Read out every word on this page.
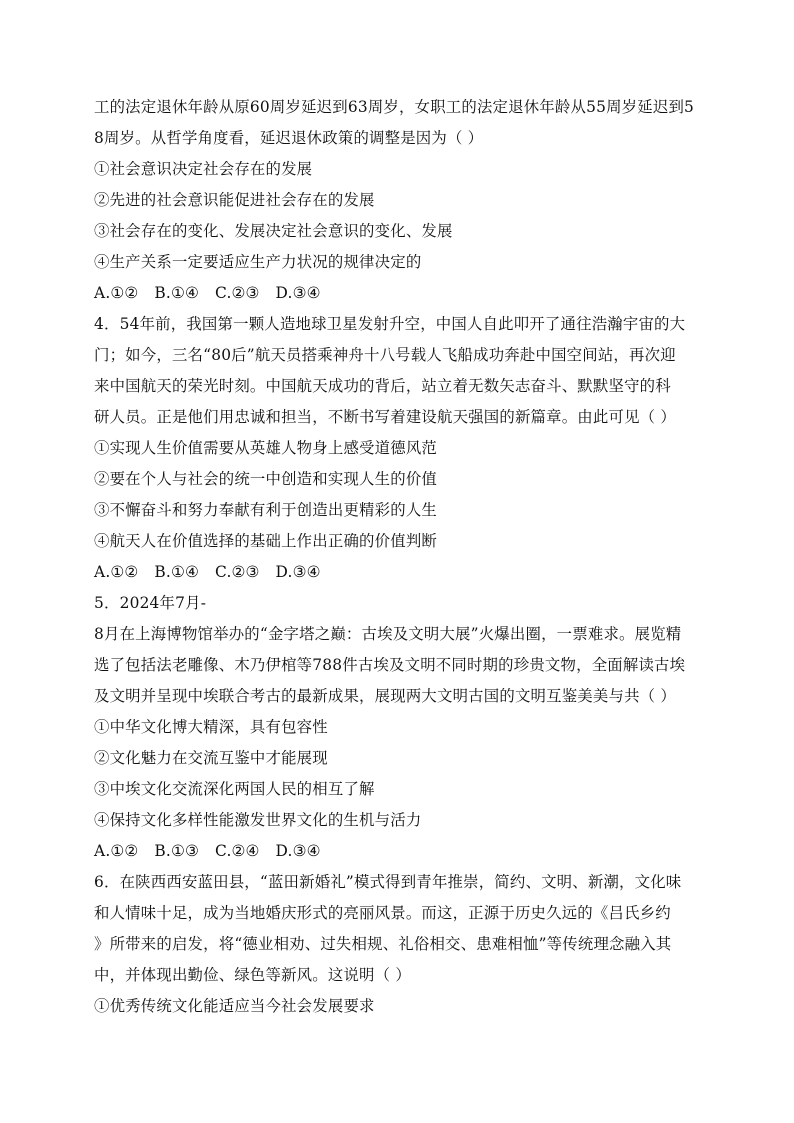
工的法定退休年龄从原60周岁延迟到63周岁，女职工的法定退休年龄从55周岁延迟到5

8周岁。从哲学角度看，延迟退休政策的调整是因为（ ）

①社会意识决定社会存在的发展

②先进的社会意识能促进社会存在的发展

③社会存在的变化、发展决定社会意识的变化、发展

④生产关系一定要适应生产力状况的规律决定的

A.①② B.①④ C.②③ D.③④

4．54年前，我国第一颗人造地球卫星发射升空，中国人自此叩开了通往浩瀚宇宙的大

门；如今，三名“80后”航天员搭乘神舟十八号载人飞船成功奔赴中国空间站，再次迎

来中国航天的荣光时刻。中国航天成功的背后，站立着无数矢志奋斗、默默坚守的科

研人员。正是他们用忠诚和担当，不断书写着建设航天强国的新篇章。由此可见（ ）

①实现人生价值需要从英雄人物身上感受道德风范

②要在个人与社会的统一中创造和实现人生的价值

③不懈奋斗和努力奉献有利于创造出更精彩的人生

④航天人在价值选择的基础上作出正确的价值判断

A.①② B.①④ C.②③ D.③④

5．2024年7月-

8月在上海博物馆举办的“金字塔之巅：古埃及文明大展”火爆出圈，一票难求。展览精

选了包括法老雕像、木乃伊棺等788件古埃及文明不同时期的珍贵文物，全面解读古埃

及文明并呈现中埃联合考古的最新成果，展现两大文明古国的文明互鉴美美与共（ ）

①中华文化博大精深，具有包容性

②文化魅力在交流互鉴中才能展现

③中埃文化交流深化两国人民的相互了解

④保持文化多样性能激发世界文化的生机与活力

A.①② B.①③ C.②④ D.③④

6．在陕西西安蓝田县，“蓝田新婚礼”模式得到青年推崇，简约、文明、新潮，文化味

和人情味十足，成为当地婚庆形式的亮丽风景。而这，正源于历史久远的《吕氏乡约

》所带来的启发，将“德业相劝、过失相规、礼俗相交、患难相恤”等传统理念融入其

中，并体现出勤俭、绿色等新风。这说明（ ）

①优秀传统文化能适应当今社会发展要求
